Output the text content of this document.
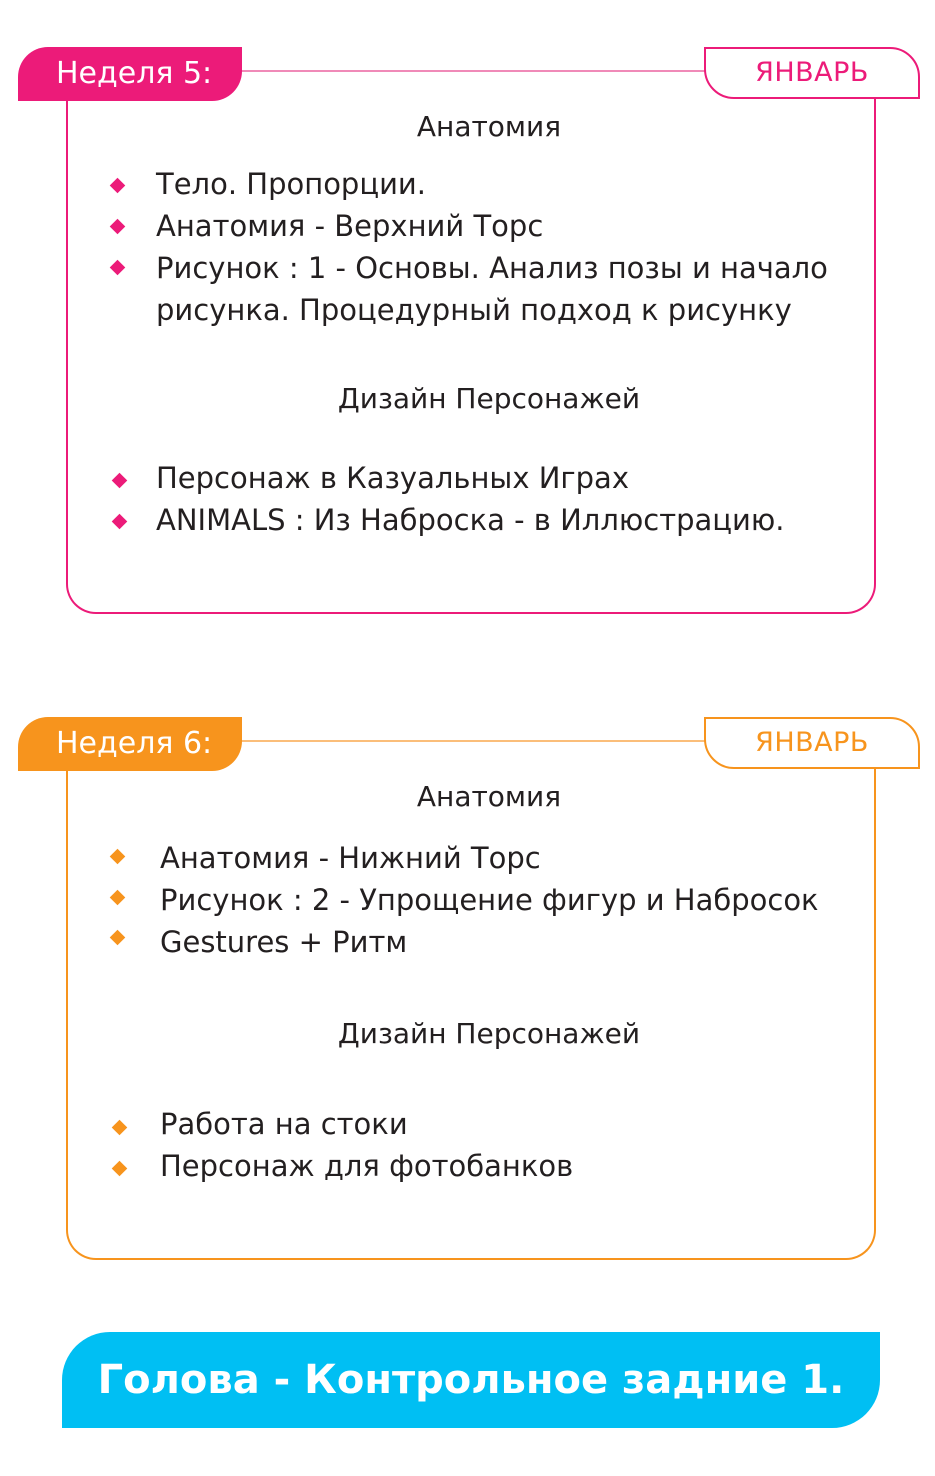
Неделя 5:	ЯНВАРЬ
Анатомия
Тело. Пропорции.
Анатомия - Верхний Торс
Рисунок : 1 - Основы. Анализ позы и начало рисунка. Процедурный подход к рисунку
Дизайн Персонажей
Персонаж в Казуальных Играх
ANIMALS : Из Наброска - в Иллюстрацию.
Неделя 6:	ЯНВАРЬ
Анатомия
Анатомия - Нижний Торс
Рисунок : 2 - Упрощение фигур и Набросок
Gestures + Ритм
Дизайн Персонажей
Работа на стоки
Персонаж для фотобанков
Голова - Контрольное задние 1.
